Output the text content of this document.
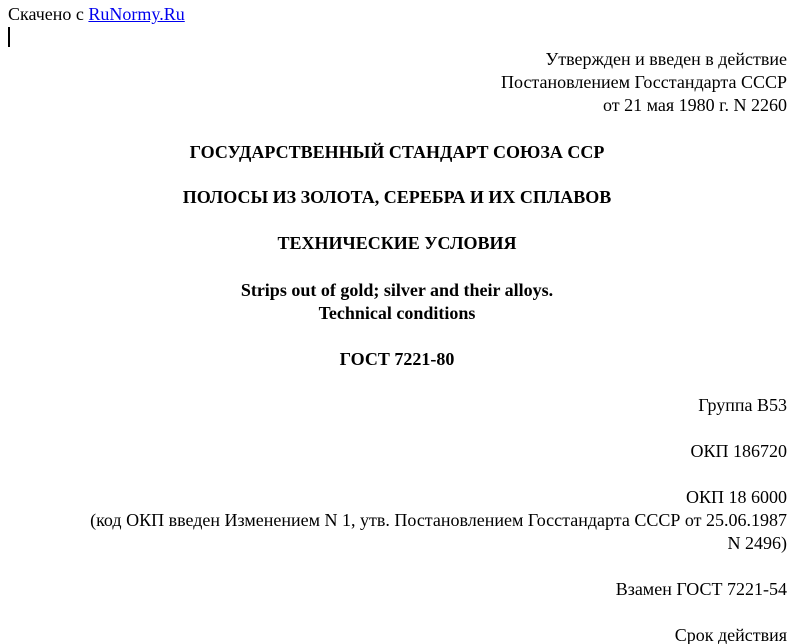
Скачено с RuNormy.Ru
Утвержден и введен в действие
Постановлением Госстандарта СССР
от 21 мая 1980 г. N 2260
ГОСУДАРСТВЕННЫЙ СТАНДАРТ СОЮЗА ССР
ПОЛОСЫ ИЗ ЗОЛОТА, СЕРЕБРА И ИХ СПЛАВОВ
ТЕХНИЧЕСКИЕ УСЛОВИЯ
Strips out of gold; silver and their alloys.
Technical conditions
ГОСТ 7221-80
Группа В53
ОКП 186720
ОКП 18 6000
(код ОКП введен Изменением N 1, утв. Постановлением Госстандарта СССР от 25.06.1987
N 2496)
Взамен ГОСТ 7221-54
Срок действия
